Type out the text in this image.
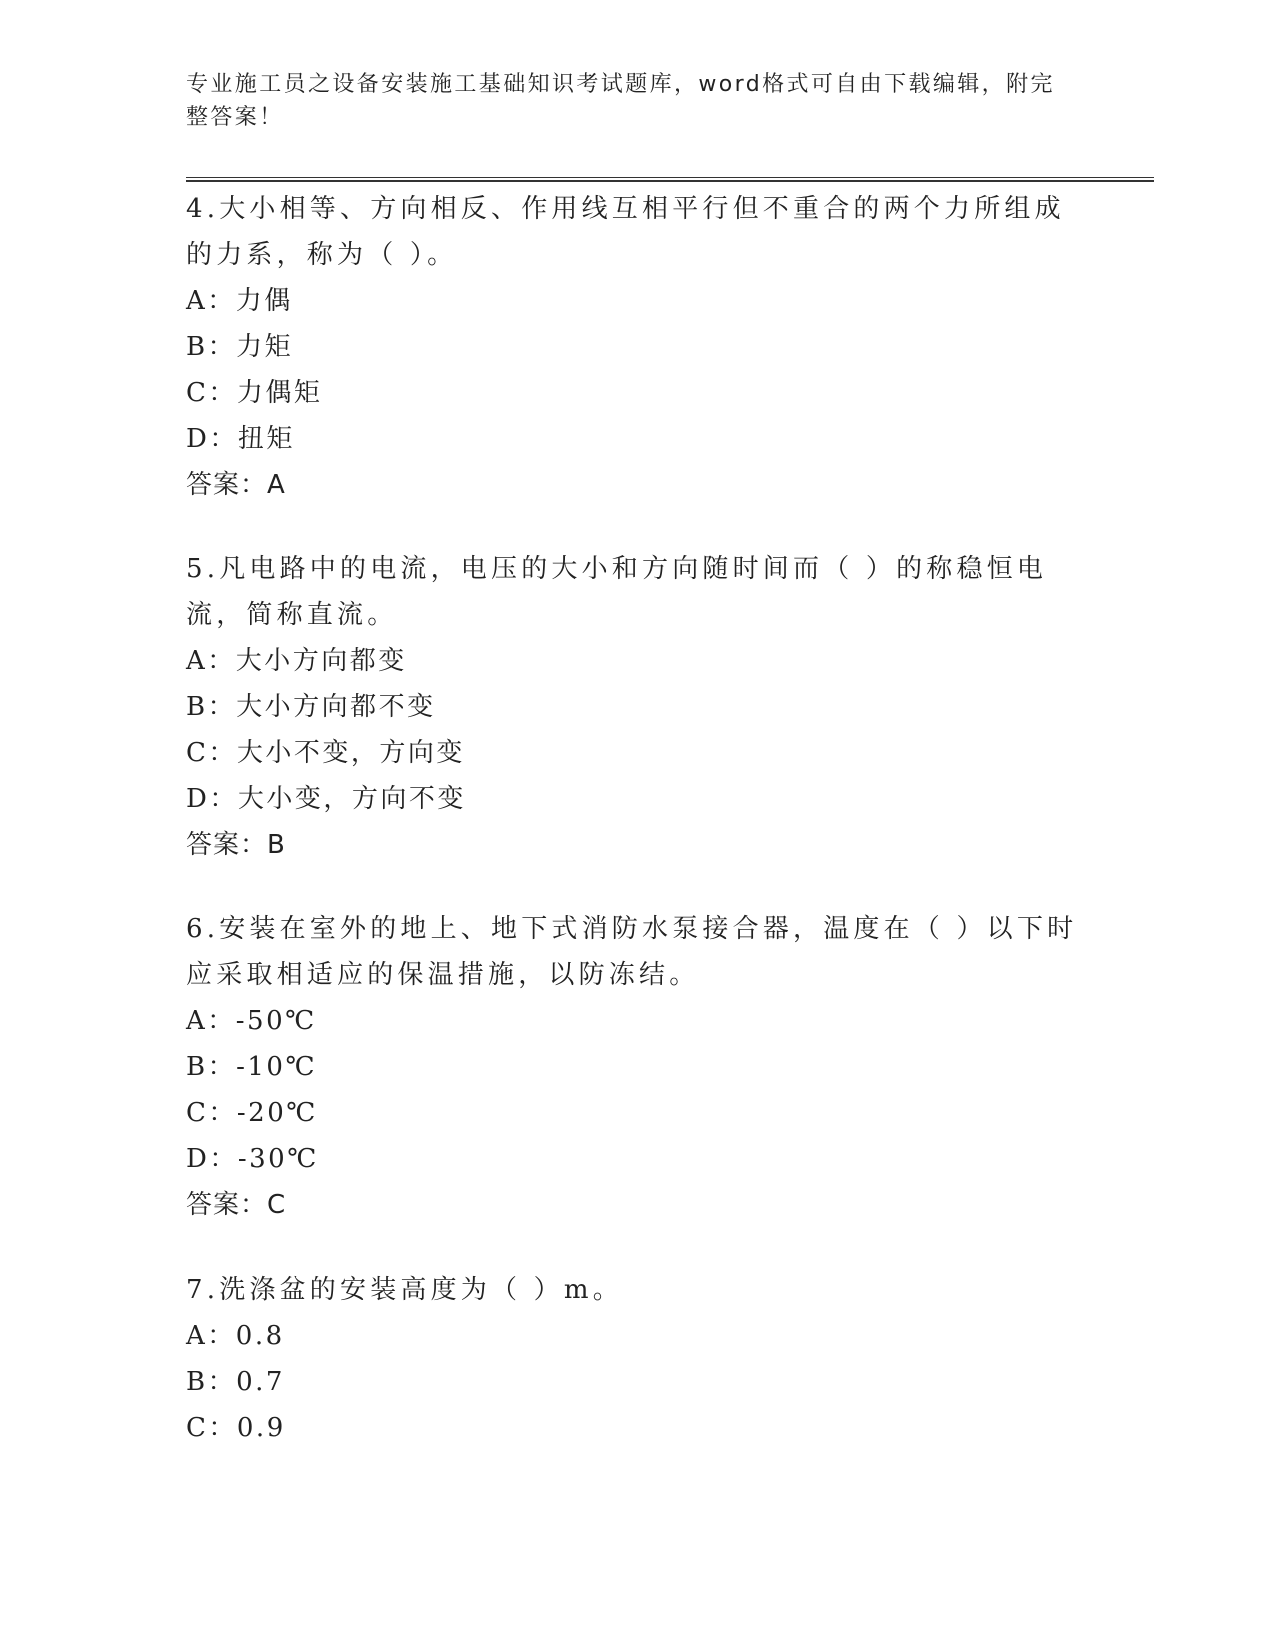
专业施工员之设备安装施工基础知识考试题库，word格式可自由下载编辑，附完整答案！

4.大小相等、方向相反、作用线互相平行但不重合的两个力所组成的力系，称为（ ）。

A：力偶

B：力矩

C：力偶矩

D：扭矩

答案：A

5.凡电路中的电流，电压的大小和方向随时间而（ ）的称稳恒电流，简称直流。

A：大小方向都变

B：大小方向都不变

C：大小不变，方向变

D：大小变，方向不变

答案：B

6.安装在室外的地上、地下式消防水泵接合器，温度在（ ）以下时应采取相适应的保温措施，以防冻结。

A：-50℃

B：-10℃

C：-20℃

D：-30℃

答案：C

7.洗涤盆的安装高度为（ ）m。

A：0.8

B：0.7

C：0.9
